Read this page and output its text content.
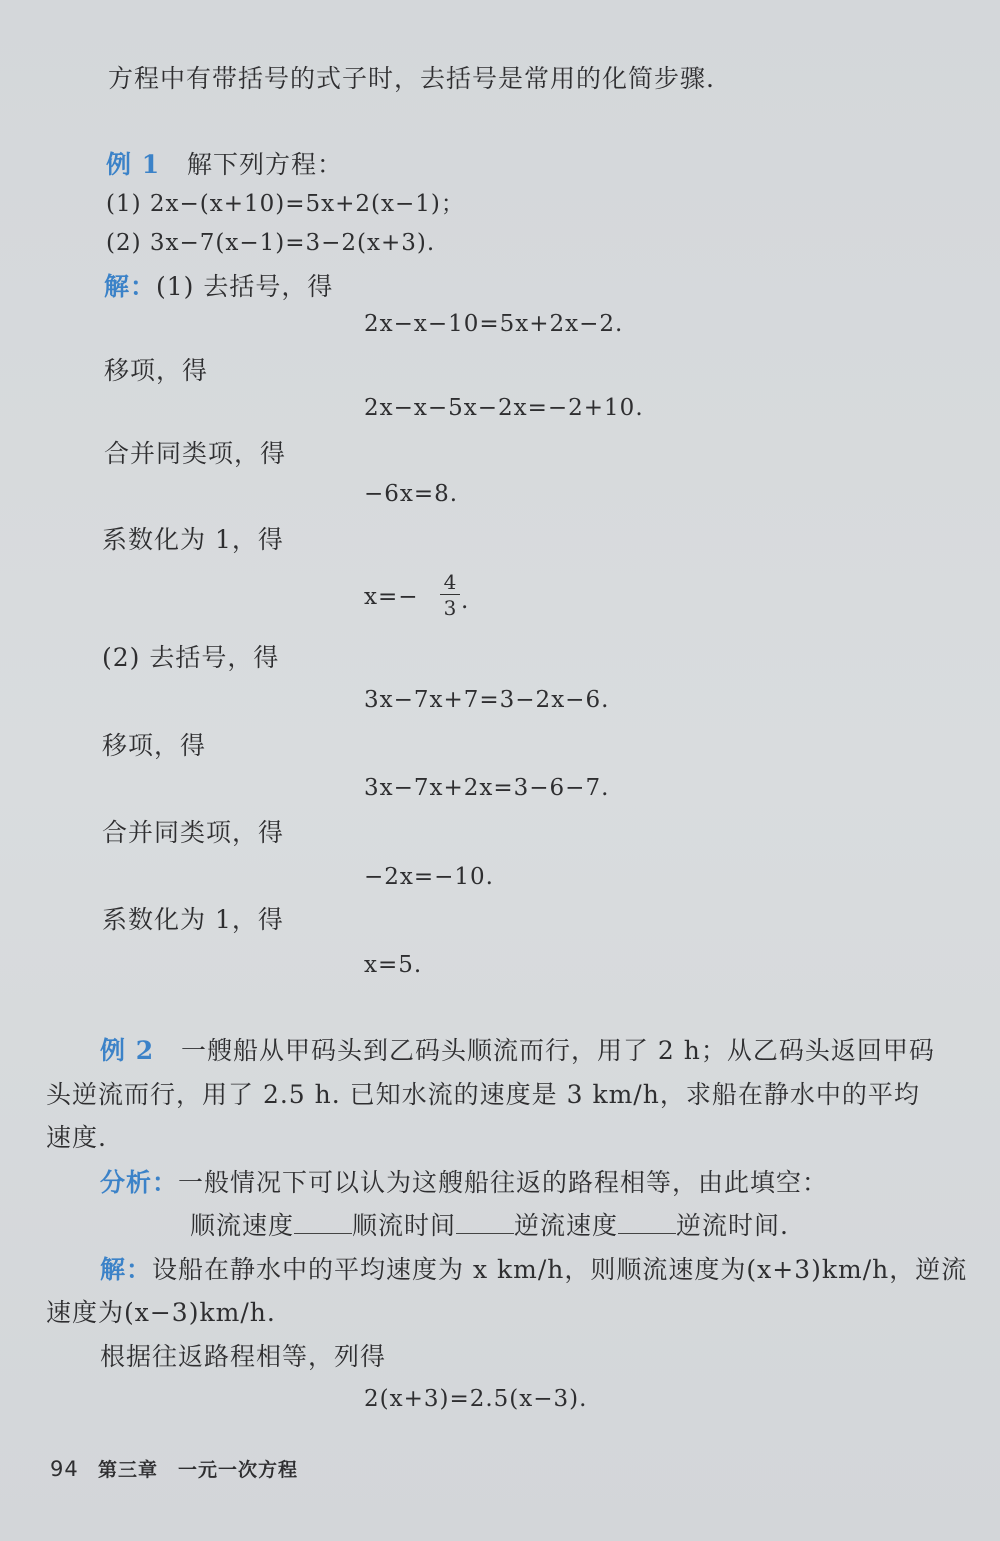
方程中有带括号的式子时，去括号是常用的化简步骤.
例 1 解下列方程：
(1) 2x−(x+10)=5x+2(x−1)；
(2) 3x−7(x−1)=3−2(x+3).
解：(1) 去括号，得
2x−x−10=5x+2x−2.
移项，得
2x−x−5x−2x=−2+10.
合并同类项，得
−6x=8.
系数化为 1，得
$x=- \frac{4}{3}$ .
(2) 去括号，得
3x−7x+7=3−2x−6.
移项，得
3x−7x+2x=3−6−7.
合并同类项，得
−2x=−10.
系数化为 1，得
x=5.
例 2 一艘船从甲码头到乙码头顺流而行，用了 2 h；从乙码头返回甲码
头逆流而行，用了 2.5 h. 已知水流的速度是 3 km/h，求船在静水中的平均
速度.
分析：一般情况下可以认为这艘船往返的路程相等，由此填空：
顺流速度 顺流时间 逆流速度 逆流时间.
解：设船在静水中的平均速度为 x km/h，则顺流速度为(x+3)km/h，逆流
速度为(x−3)km/h.
根据往返路程相等，列得
2(x+3)=2.5(x−3).
94 第三章　一元一次方程
